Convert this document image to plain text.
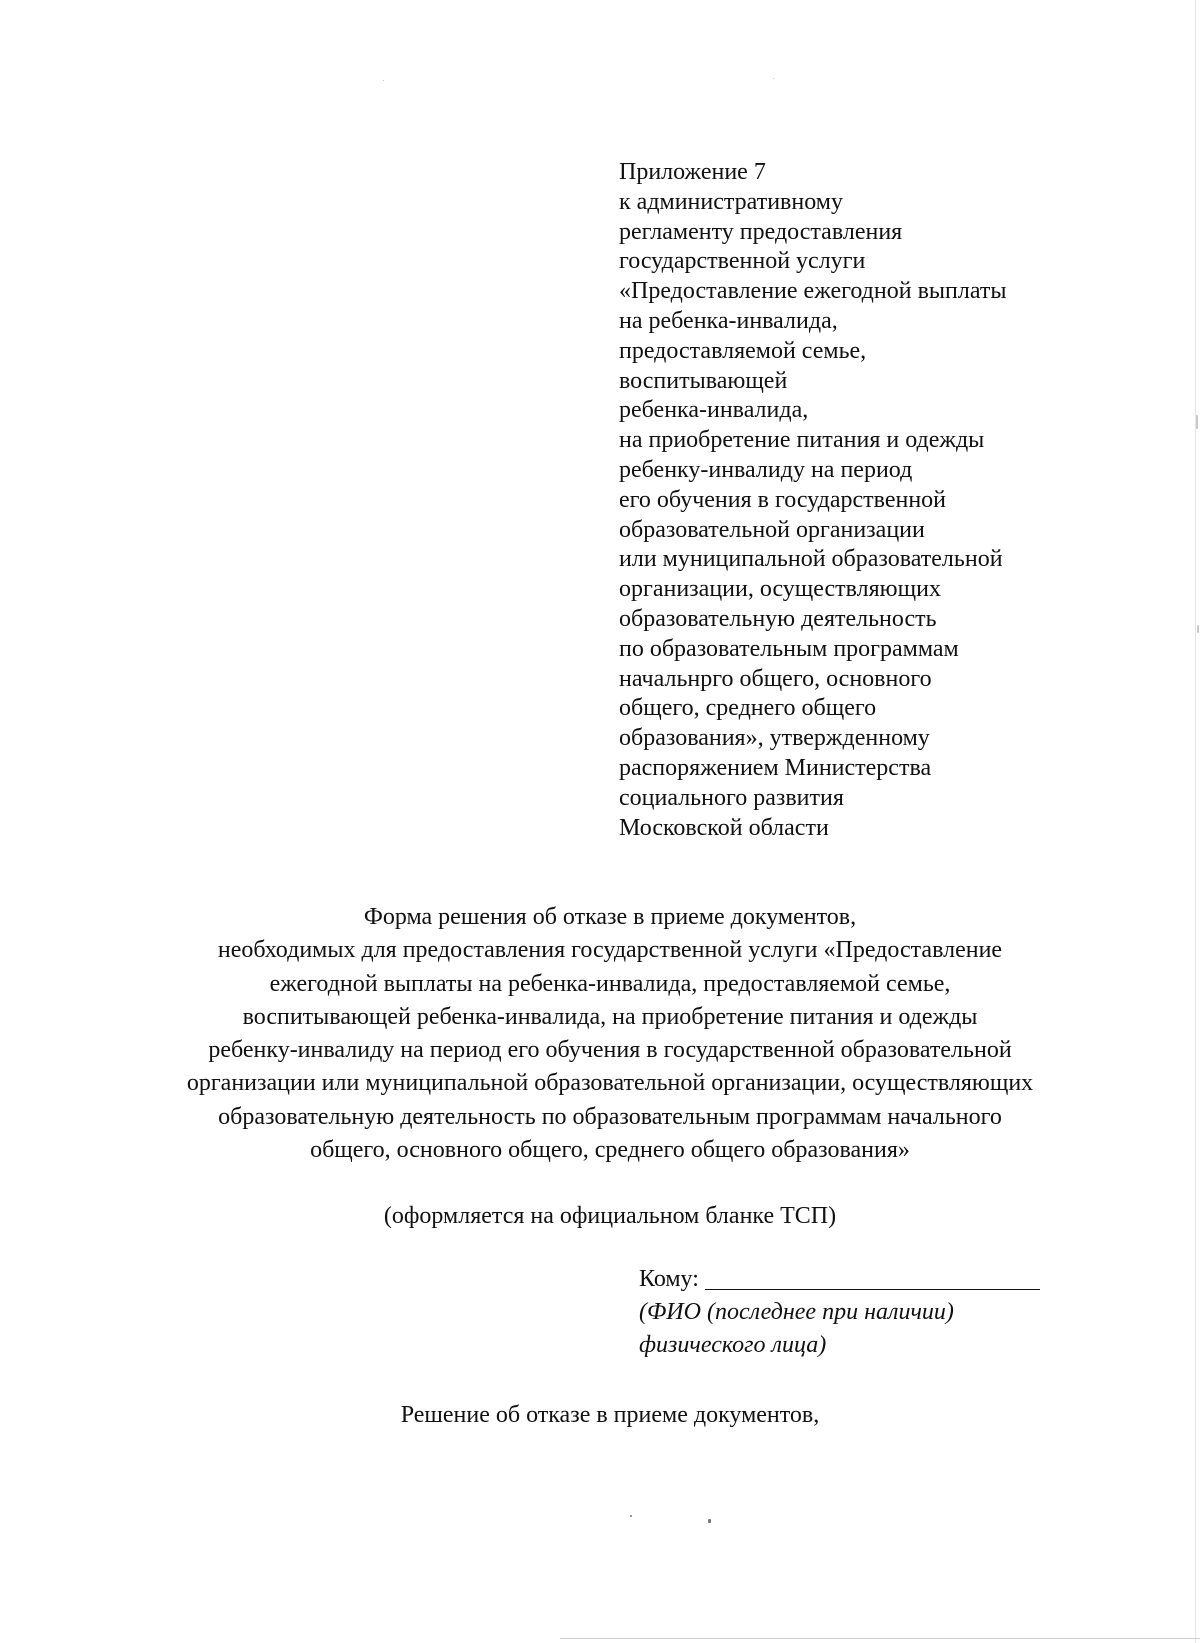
Приложение 7
к административному
регламенту предоставления
государственной услуги
«Предоставление ежегодной выплаты
на ребенка-инвалида,
предоставляемой семье,
воспитывающей
ребенка-инвалида,
на приобретение питания и одежды
ребенку-инвалиду на период
его обучения в государственной
образовательной организации
или муниципальной образовательной
организации, осуществляющих
образовательную деятельность
по образовательным программам
начальнрго общего, основного
общего, среднего общего
образования», утвержденному
распоряжением Министерства
социального развития
Московской области
Форма решения об отказе в приеме документов,
необходимых для предоставления государственной услуги «Предоставление
ежегодной выплаты на ребенка-инвалида, предоставляемой семье,
воспитывающей ребенка-инвалида, на приобретение питания и одежды
ребенку-инвалиду на период его обучения в государственной образовательной
организации или муниципальной образовательной организации, осуществляющих
образовательную деятельность по образовательным программам начального
общего, основного общего, среднего общего образования»
(оформляется на официальном бланке ТСП)
Кому:
(ФИО (последнее при наличии)
физического лица)
Решение об отказе в приеме документов,
